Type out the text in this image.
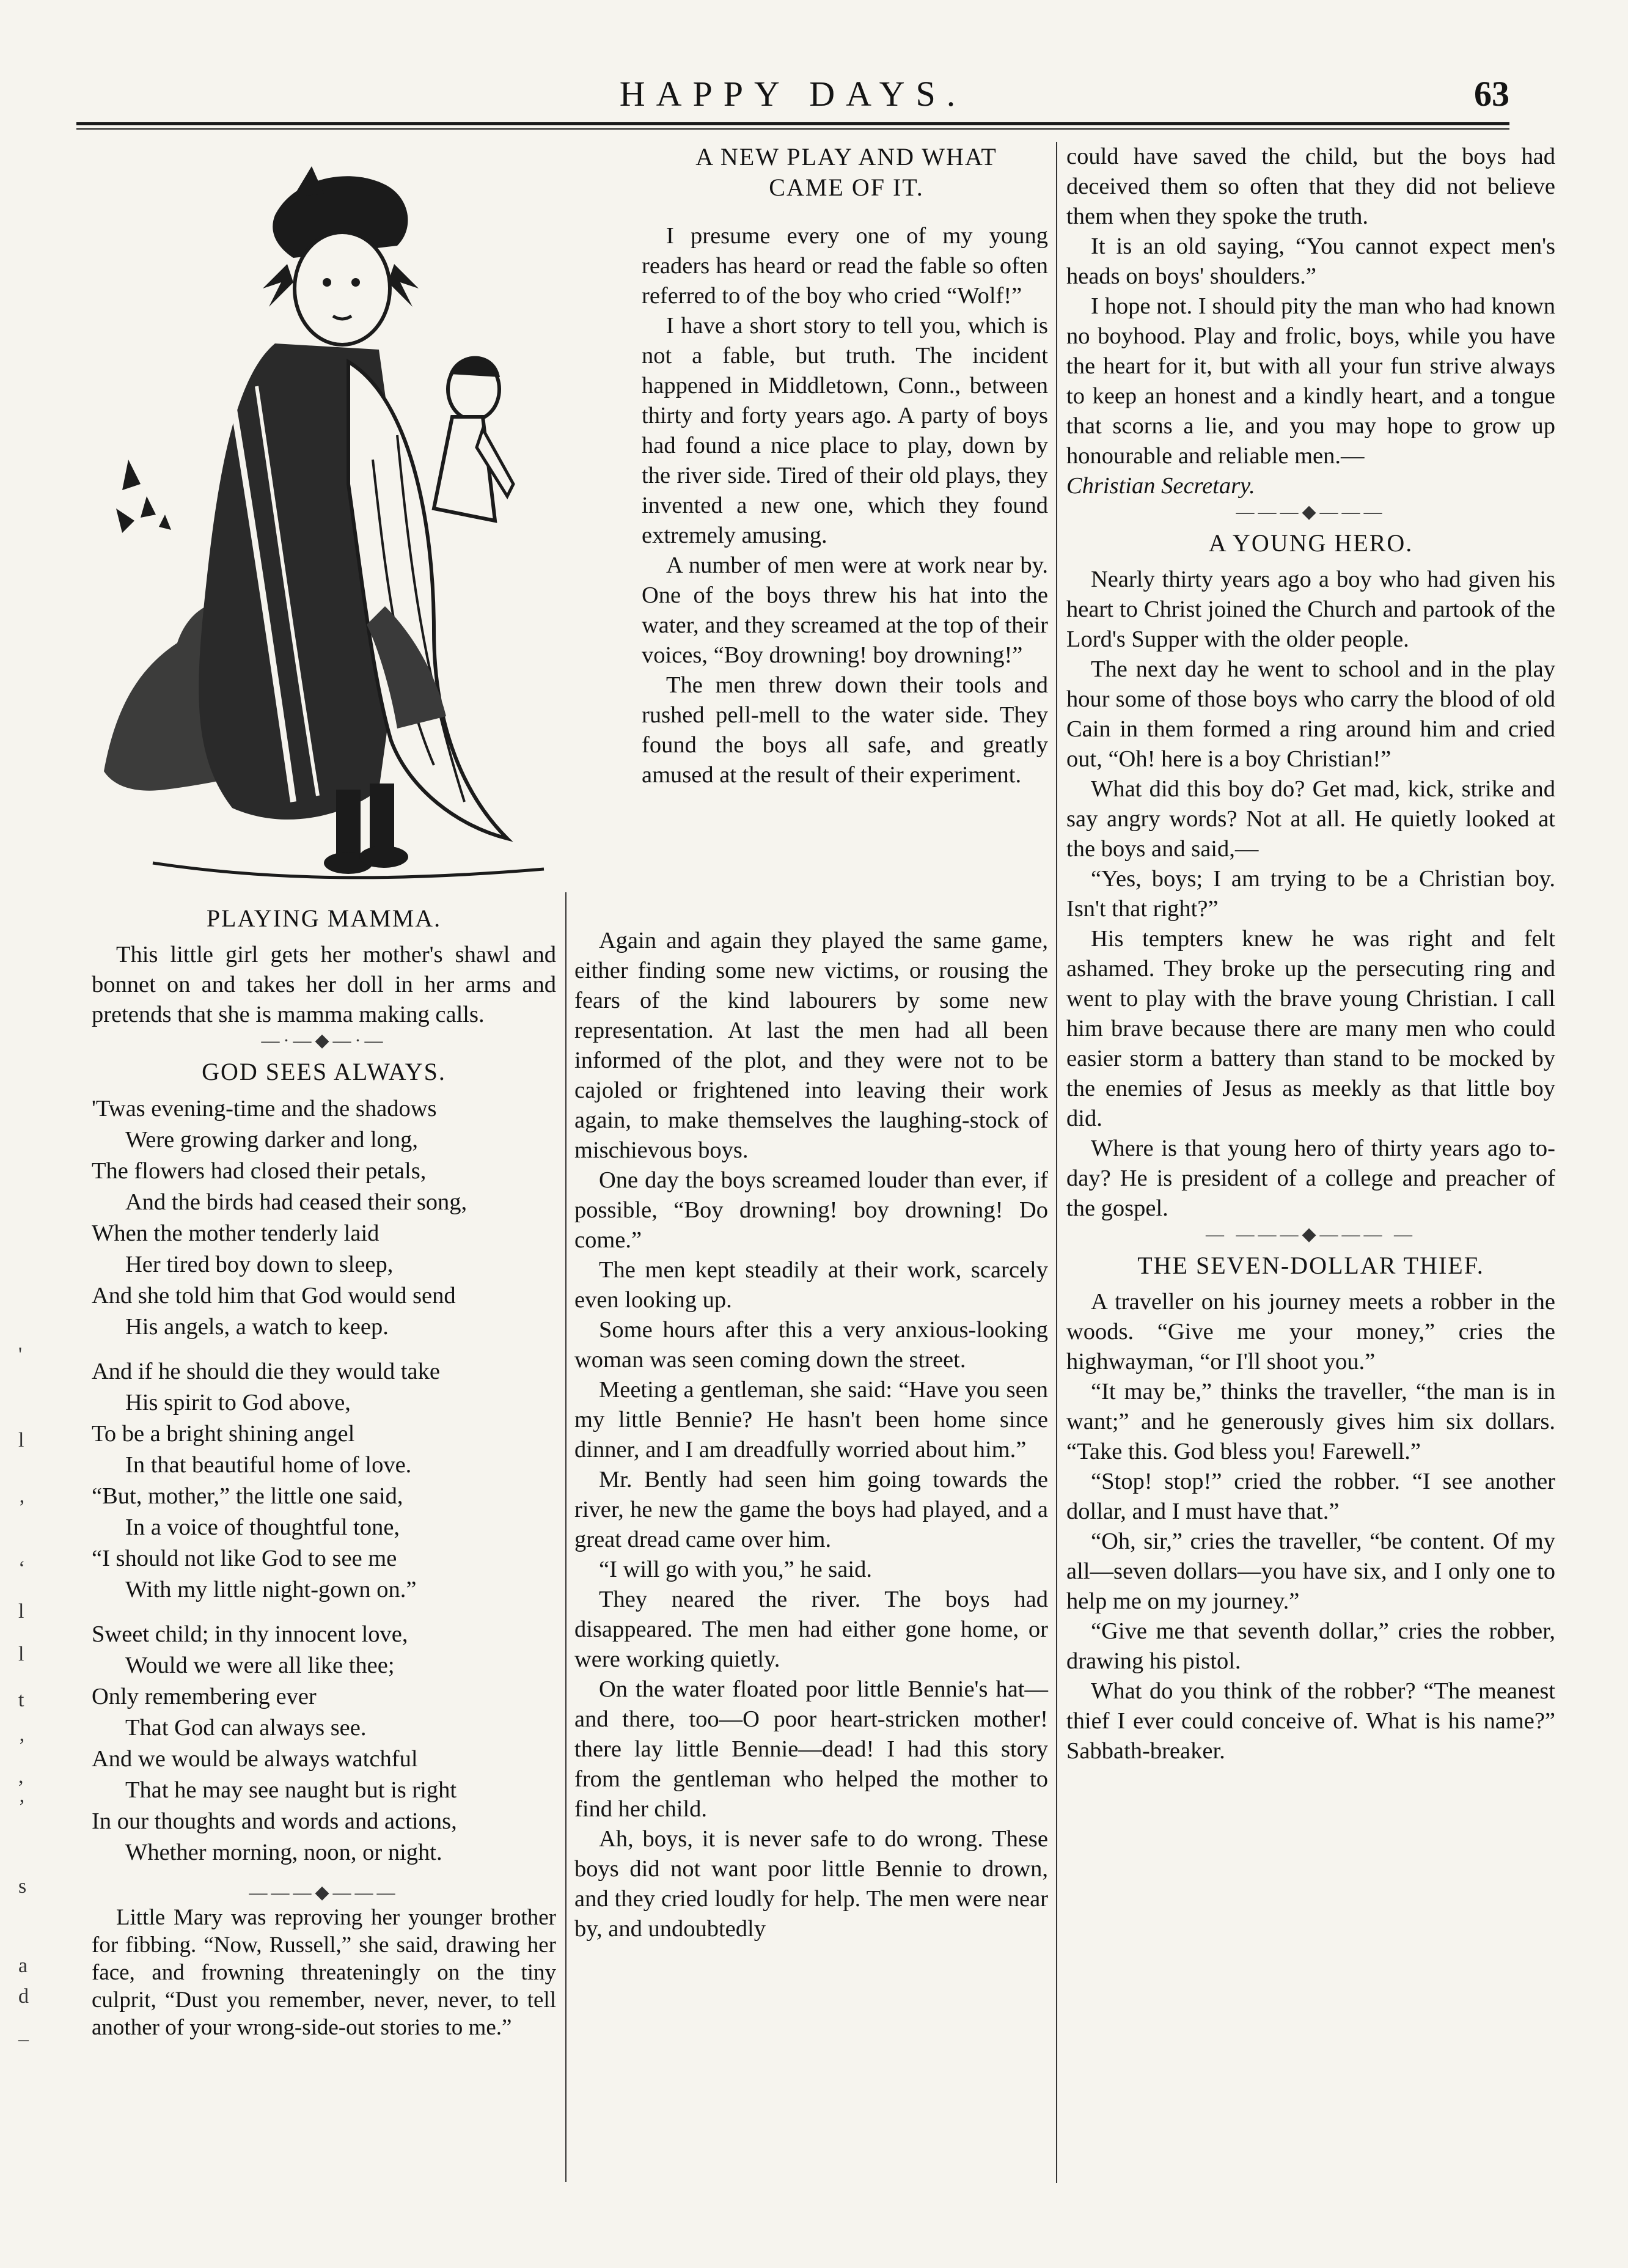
HAPPY DAYS.	63
PLAYING MAMMA.

This little girl gets her mother's shawl and bonnet on and takes her doll in her arms and pretends that she is mamma making calls.

—·—◆—·—
GOD SEES ALWAYS.
'Twas evening-time and the shadows
Were growing darker and long,
The flowers had closed their petals,
And the birds had ceased their song,
When the mother tenderly laid
Her tired boy down to sleep,
And she told him that God would send
His angels, a watch to keep.
And if he should die they would take
His spirit to God above,
To be a bright shining angel
In that beautiful home of love.
“But, mother,” the little one said,
In a voice of thoughtful tone,
“I should not like God to see me
With my little night-gown on.”
Sweet child; in thy innocent love,
Would we were all like thee;
Only remembering ever
That God can always see.
And we would be always watchful
That he may see naught but is right
In our thoughts and words and actions,
Whether morning, noon, or night.
———◆———

Little Mary was reproving her younger brother for fibbing. “Now, Russell,” she said, drawing her face, and frowning threateningly on the tiny culprit, “Dust you remember, never, never, to tell another of your wrong-side-out stories to me.”

A NEW PLAY AND WHAT
CAME OF IT.

I presume every one of my young readers has heard or read the fable so often referred to of the boy who cried “Wolf!”

I have a short story to tell you, which is not a fable, but truth. The incident happened in Middletown, Conn., between thirty and forty years ago. A party of boys had found a nice place to play, down by the river side. Tired of their old plays, they invented a new one, which they found extremely amusing.

A number of men were at work near by. One of the boys threw his hat into the water, and they screamed at the top of their voices, “Boy drowning! boy drowning!”

The men threw down their tools and rushed pell-mell to the water side. They found the boys all safe, and greatly amused at the result of their experiment.

Again and again they played the same game, either finding some new victims, or rousing the fears of the kind labourers by some new representation. At last the men had all been informed of the plot, and they were not to be cajoled or frightened into leaving their work again, to make themselves the laughing-stock of mischievous boys.

One day the boys screamed louder than ever, if possible, “Boy drowning! boy drowning! Do come.”

The men kept steadily at their work, scarcely even looking up.

Some hours after this a very anxious-looking woman was seen coming down the street.

Meeting a gentleman, she said: “Have you seen my little Bennie? He hasn't been home since dinner, and I am dreadfully worried about him.”

Mr. Bently had seen him going towards the river, he new the game the boys had played, and a great dread came over him.

“I will go with you,” he said.

They neared the river. The boys had disappeared. The men had either gone home, or were working quietly.

On the water floated poor little Bennie's hat—and there, too—O poor heart-stricken mother! there lay little Bennie—dead! I had this story from the gentleman who helped the mother to find her child.

Ah, boys, it is never safe to do wrong. These boys did not want poor little Bennie to drown, and they cried loudly for help. The men were near by, and undoubtedly

could have saved the child, but the boys had deceived them so often that they did not believe them when they spoke the truth.

It is an old saying, “You cannot expect men's heads on boys' shoulders.”

I hope not. I should pity the man who had known no boyhood. Play and frolic, boys, while you have the heart for it, but with all your fun strive always to keep an honest and a kindly heart, and a tongue that scorns a lie, and you may hope to grow up honourable and reliable men.—

Christian Secretary.

———◆———
A YOUNG HERO.

Nearly thirty years ago a boy who had given his heart to Christ joined the Church and partook of the Lord's Supper with the older people.

The next day he went to school and in the play hour some of those boys who carry the blood of old Cain in them formed a ring around him and cried out, “Oh! here is a boy Christian!”

What did this boy do? Get mad, kick, strike and say angry words? Not at all. He quietly looked at the boys and said,—

“Yes, boys; I am trying to be a Christian boy. Isn't that right?”

His tempters knew he was right and felt ashamed. They broke up the persecuting ring and went to play with the brave young Christian. I call him brave because there are many men who could easier storm a battery than stand to be mocked by the enemies of Jesus as meekly as that little boy did.

Where is that young hero of thirty years ago to-day? He is president of a college and preacher of the gospel.

— ———◆——— —
THE SEVEN-DOLLAR THIEF.

A traveller on his journey meets a robber in the woods. “Give me your money,” cries the highwayman, “or I'll shoot you.”

“It may be,” thinks the traveller, “the man is in want;” and he generously gives him six dollars. “Take this. God bless you! Farewell.”

“Stop! stop!” cried the robber. “I see another dollar, and I must have that.”

“Oh, sir,” cries the traveller, “be content. Of my all—seven dollars—you have six, and I only one to help me on my journey.”

“Give me that seventh dollar,” cries the robber, drawing his pistol.

What do you think of the robber? “The meanest thief I ever could conceive of. What is his name?” Sabbath-breaker.

'
l
’
ʻ
l
l
t
’
,
’
s
a
d
‒
